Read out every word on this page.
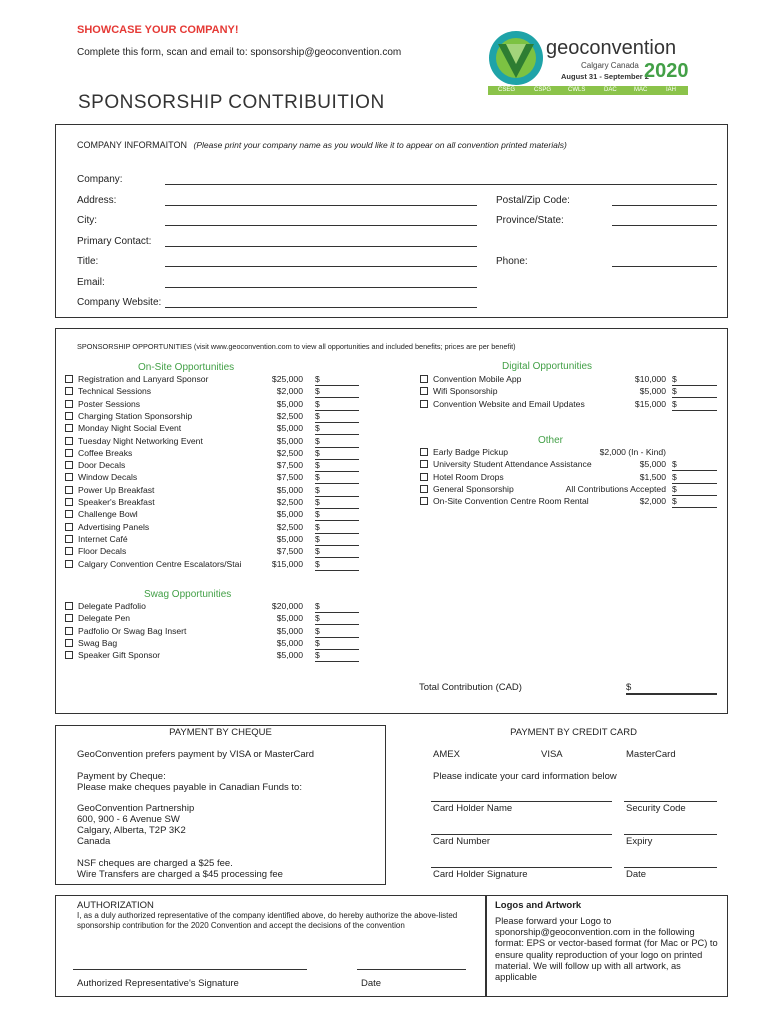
SHOWCASE YOUR COMPANY!
Complete this form, scan and email to: sponsorship@geoconvention.com
SPONSORSHIP CONTRIBUITION
geoconvention
Calgary Canada
August 31 - September 2
2020
CSEG	CSPG	CWLS	DAC	MAC	IAH
COMPANY INFORMAITON (Please print your company name as you would like it to appear on all convention printed materials)
Company:
Address:	Postal/Zip Code:
City:	Province/State:
Primary Contact:
Title:	Phone:
Email:
Company Website:
SPONSORSHIP OPPORTUNITIES (visit www.geoconvention.com to view all opportunities and included benefits; prices are per benefit)
On-Site Opportunities
Registration and Lanyard Sponsor	$25,000 $
Technical Sessions	$2,000 $
Poster Sessions	$5,000 $
Charging Station Sponsorship	$2,500 $
Monday Night Social Event	$5,000 $
Tuesday Night Networking Event	$5,000 $
Coffee Breaks	$2,500 $
Door Decals	$7,500 $
Window Decals	$7,500 $
Power Up Breakfast	$5,000 $
Speaker's Breakfast	$2,500 $
Challenge Bowl	$5,000 $
Advertising Panels	$2,500 $
Internet Café	$5,000 $
Floor Decals	$7,500 $
Calgary Convention Centre Escalators/Stai	$15,000 $
Swag Opportunities
Delegate Padfolio	$20,000 $
Delegate Pen	$5,000 $
Padfolio Or Swag Bag Insert	$5,000 $
Swag Bag	$5,000 $
Speaker Gift Sponsor	$5,000 $
Digital Opportunities
Convention Mobile App	$10,000 $
Wifi Sponsorship	$5,000 $
Convention Website and Email Updates	$15,000 $
Other
Early Badge Pickup	$2,000 (In - Kind)
University Student Attendance Assistance	$5,000 $
Hotel Room Drops	$1,500 $
General Sponsorship	All Contributions Accepted $
On-Site Convention Centre Room Rental	$2,000 $
Total Contribution (CAD)	$
PAYMENT BY CHEQUE
GeoConvention prefers payment by VISA or MasterCard
Payment by Cheque:
Please make cheques payable in Canadian Funds to:
GeoConvention Partnership
600, 900 - 6 Avenue SW
Calgary, Alberta, T2P 3K2
Canada
NSF cheques are charged a $25 fee.
Wire Transfers are charged a $45 processing fee
PAYMENT BY CREDIT CARD
AMEX	VISA	MasterCard
Please indicate your card information below
Card Holder Name	Security Code
Card Number	Expiry
Card Holder Signature	Date
AUTHORIZATION
I, as a duly authorized representative of the company identified above, do hereby authorize the above-listed sponsorship contribution for the 2020 Convention and accept the decisions of the convention
Authorized Representative's Signature	Date
Logos and Artwork
Please forward your Logo to sponorship@geoconvention.com in the following format: EPS or vector-based format (for Mac or PC) to ensure quality reproduction of your logo on printed material. We will follow up with all artwork, as applicable
